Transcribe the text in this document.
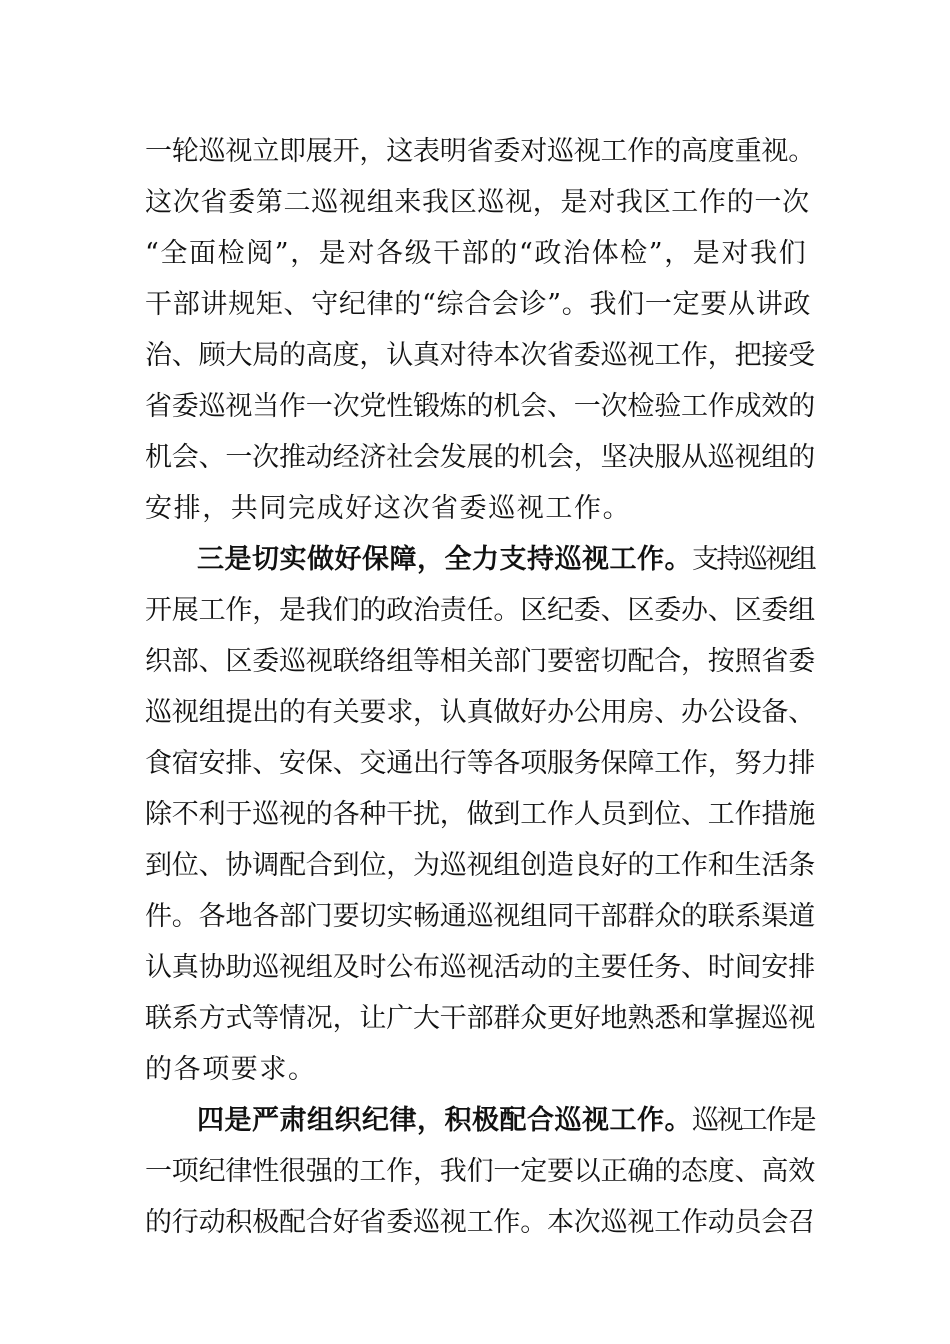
一轮巡视立即展开，这表明省委对巡视工作的高度重视。
这次省委第二巡视组来我区巡视，是对我区工作的一次
“全面检阅”，是对各级干部的“政治体检”，是对我们
干部讲规矩、守纪律的“综合会诊”。我们一定要从讲政
治、顾大局的高度，认真对待本次省委巡视工作，把接受
省委巡视当作一次党性锻炼的机会、一次检验工作成效的
机会、一次推动经济社会发展的机会，坚决服从巡视组的
安排，共同完成好这次省委巡视工作。
三是切实做好保障，全力支持巡视工作。支持巡视组
开展工作，是我们的政治责任。区纪委、区委办、区委组
织部、区委巡视联络组等相关部门要密切配合，按照省委
巡视组提出的有关要求，认真做好办公用房、办公设备、
食宿安排、安保、交通出行等各项服务保障工作，努力排
除不利于巡视的各种干扰，做到工作人员到位、工作措施
到位、协调配合到位，为巡视组创造良好的工作和生活条
件。各地各部门要切实畅通巡视组同干部群众的联系渠道
认真协助巡视组及时公布巡视活动的主要任务、时间安排
联系方式等情况，让广大干部群众更好地熟悉和掌握巡视
的各项要求。
四是严肃组织纪律，积极配合巡视工作。巡视工作是
一项纪律性很强的工作，我们一定要以正确的态度、高效
的行动积极配合好省委巡视工作。本次巡视工作动员会召
